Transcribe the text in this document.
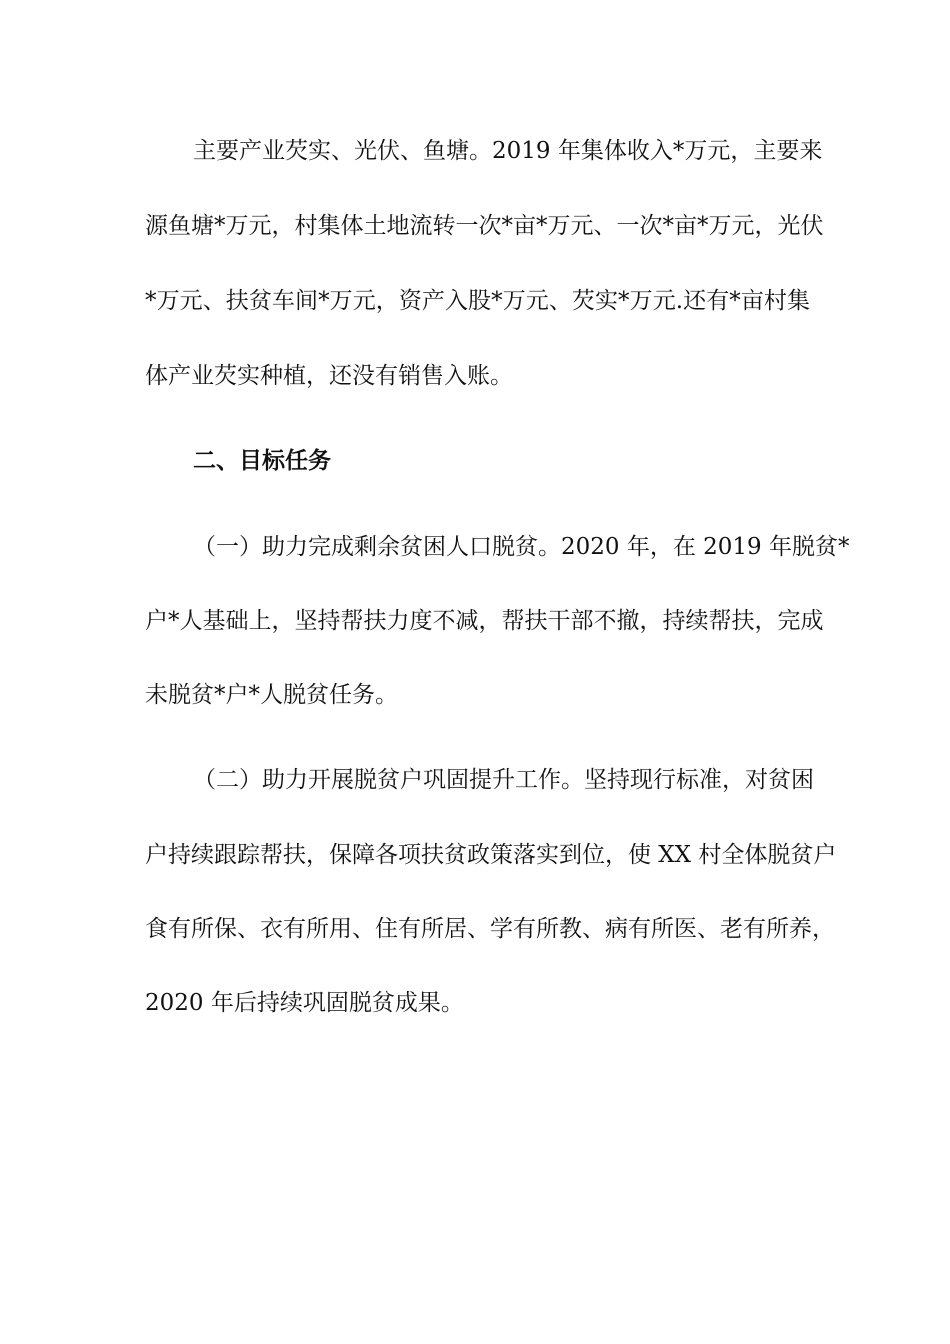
主要产业芡实、光伏、鱼塘。2019 年集体收入*万元，主要来
源鱼塘*万元，村集体土地流转一次*亩*万元、一次*亩*万元，光伏
*万元、扶贫车间*万元，资产入股*万元、芡实*万元.还有*亩村集
体产业芡实种植，还没有销售入账。
二、目标任务
（一）助力完成剩余贫困人口脱贫。2020 年，在 2019 年脱贫*
户*人基础上，坚持帮扶力度不减，帮扶干部不撤，持续帮扶，完成
未脱贫*户*人脱贫任务。
（二）助力开展脱贫户巩固提升工作。坚持现行标准，对贫困
户持续跟踪帮扶，保障各项扶贫政策落实到位，使 XX 村全体脱贫户
食有所保、衣有所用、住有所居、学有所教、病有所医、老有所养，
2020 年后持续巩固脱贫成果。
